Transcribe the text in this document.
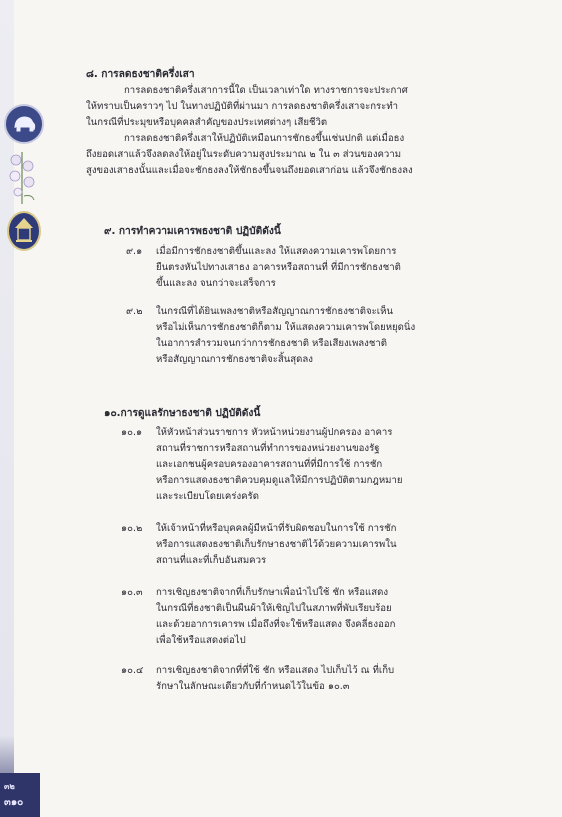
๘. การลดธงชาติครึ่งเสา
การลดธงชาติครึ่งเสาการนี้ใด เป็นเวลาเท่าใด ทางราชการจะประกาศ
ให้ทราบเป็นคราวๆ ไป ในทางปฏิบัติที่ผ่านมา การลดธงชาติครึ่งเสาจะกระทำ
ในกรณีที่ประมุขหรือบุคคลสำคัญของประเทศต่างๆ เสียชีวิต
การลดธงชาติครึ่งเสาให้ปฏิบัติเหมือนการชักธงขึ้นเช่นปกติ แต่เมื่อธง
ถึงยอดเสาแล้วจึงลดลงให้อยู่ในระดับความสูงประมาณ ๒ ใน ๓ ส่วนของความ
สูงของเสาธงนั้นและเมื่อจะชักธงลงให้ชักธงขึ้นจนถึงยอดเสาก่อน แล้วจึงชักธงลง
๙. การทำความเคารพธงชาติ ปฏิบัติดังนี้
๙.๑ เมื่อมีการชักธงชาติขึ้นและลง ให้แสดงความเคารพโดยการ
ยืนตรงหันไปทางเสาธง อาคารหรือสถานที่ ที่มีการชักธงชาติ
ขึ้นและลง จนกว่าจะเสร็จการ
๙.๒ ในกรณีที่ได้ยินเพลงชาติหรือสัญญาณการชักธงชาติจะเห็น
หรือไม่เห็นการชักธงชาติก็ตาม ให้แสดงความเคารพโดยหยุดนิ่ง
ในอาการสำรวมจนกว่าการชักธงชาติ หรือเสียงเพลงชาติ
หรือสัญญาณการชักธงชาติจะสิ้นสุดลง
๑๐.การดูแลรักษาธงชาติ ปฏิบัติดังนี้
๑๐.๑ ให้หัวหน้าส่วนราชการ หัวหน้าหน่วยงานผู้ปกครอง อาคาร
สถานที่ราชการหรือสถานที่ทำการของหน่วยงานของรัฐ
และเอกชนผู้ครอบครองอาคารสถานที่ที่มีการใช้ การชัก
หรือการแสดงธงชาติควบคุมดูแลให้มีการปฏิบัติตามกฎหมาย
และระเบียบโดยเคร่งครัด
๑๐.๒ ให้เจ้าหน้าที่หรือบุคคลผู้มีหน้าที่รับผิดชอบในการใช้ การชัก
หรือการแสดงธงชาติเก็บรักษาธงชาติไว้ด้วยความเคารพใน
สถานที่และที่เก็บอันสมควร
๑๐.๓ การเชิญธงชาติจากที่เก็บรักษาเพื่อนำไปใช้ ชัก หรือแสดง
ในกรณีที่ธงชาติเป็นผืนผ้าให้เชิญไปในสภาพที่พับเรียบร้อย
และด้วยอาการเคารพ เมื่อถึงที่จะใช้หรือแสดง จึงคลี่ธงออก
เพื่อใช้หรือแสดงต่อไป
๑๐.๔ การเชิญธงชาติจากที่ที่ใช้ ชัก หรือแสดง ไปเก็บไว้ ณ ที่เก็บ
รักษาในลักษณะเดียวกับที่กำหนดไว้ในข้อ ๑๐.๓
๓๒
๓๑๐
